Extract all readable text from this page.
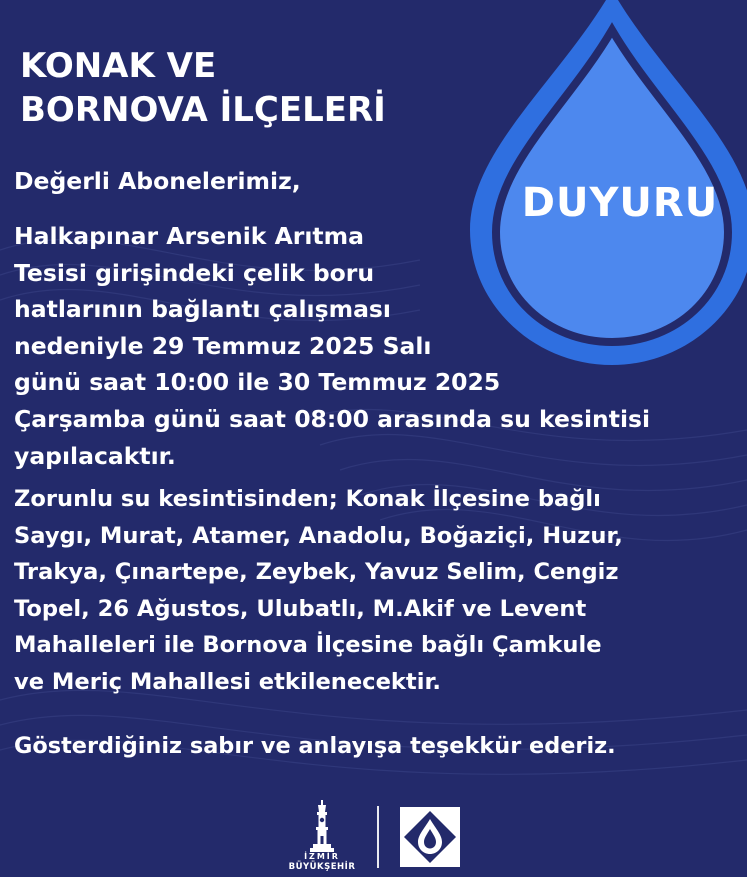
DUYURU
KONAK VE
BORNOVA İLÇELERİ

Değerli Abonelerimiz,

Halkapınar Arsenik Arıtma
Tesisi girişindeki çelik boru
hatlarının bağlantı çalışması
nedeniyle 29 Temmuz 2025 Salı
günü saat 10:00 ile 30 Temmuz 2025
Çarşamba günü saat 08:00 arasında su kesintisi
yapılacaktır.

Zorunlu su kesintisinden; Konak İlçesine bağlı
Saygı, Murat, Atamer, Anadolu, Boğaziçi, Huzur,
Trakya, Çınartepe, Zeybek, Yavuz Selim, Cengiz
Topel, 26 Ağustos, Ulubatlı, M.Akif ve Levent
Mahalleleri ile Bornova İlçesine bağlı Çamkule
ve Meriç Mahallesi etkilenecektir.

Gösterdiğiniz sabır ve anlayışa teşekkür ederiz.

İZMİR
BÜYÜKŞEHİR
